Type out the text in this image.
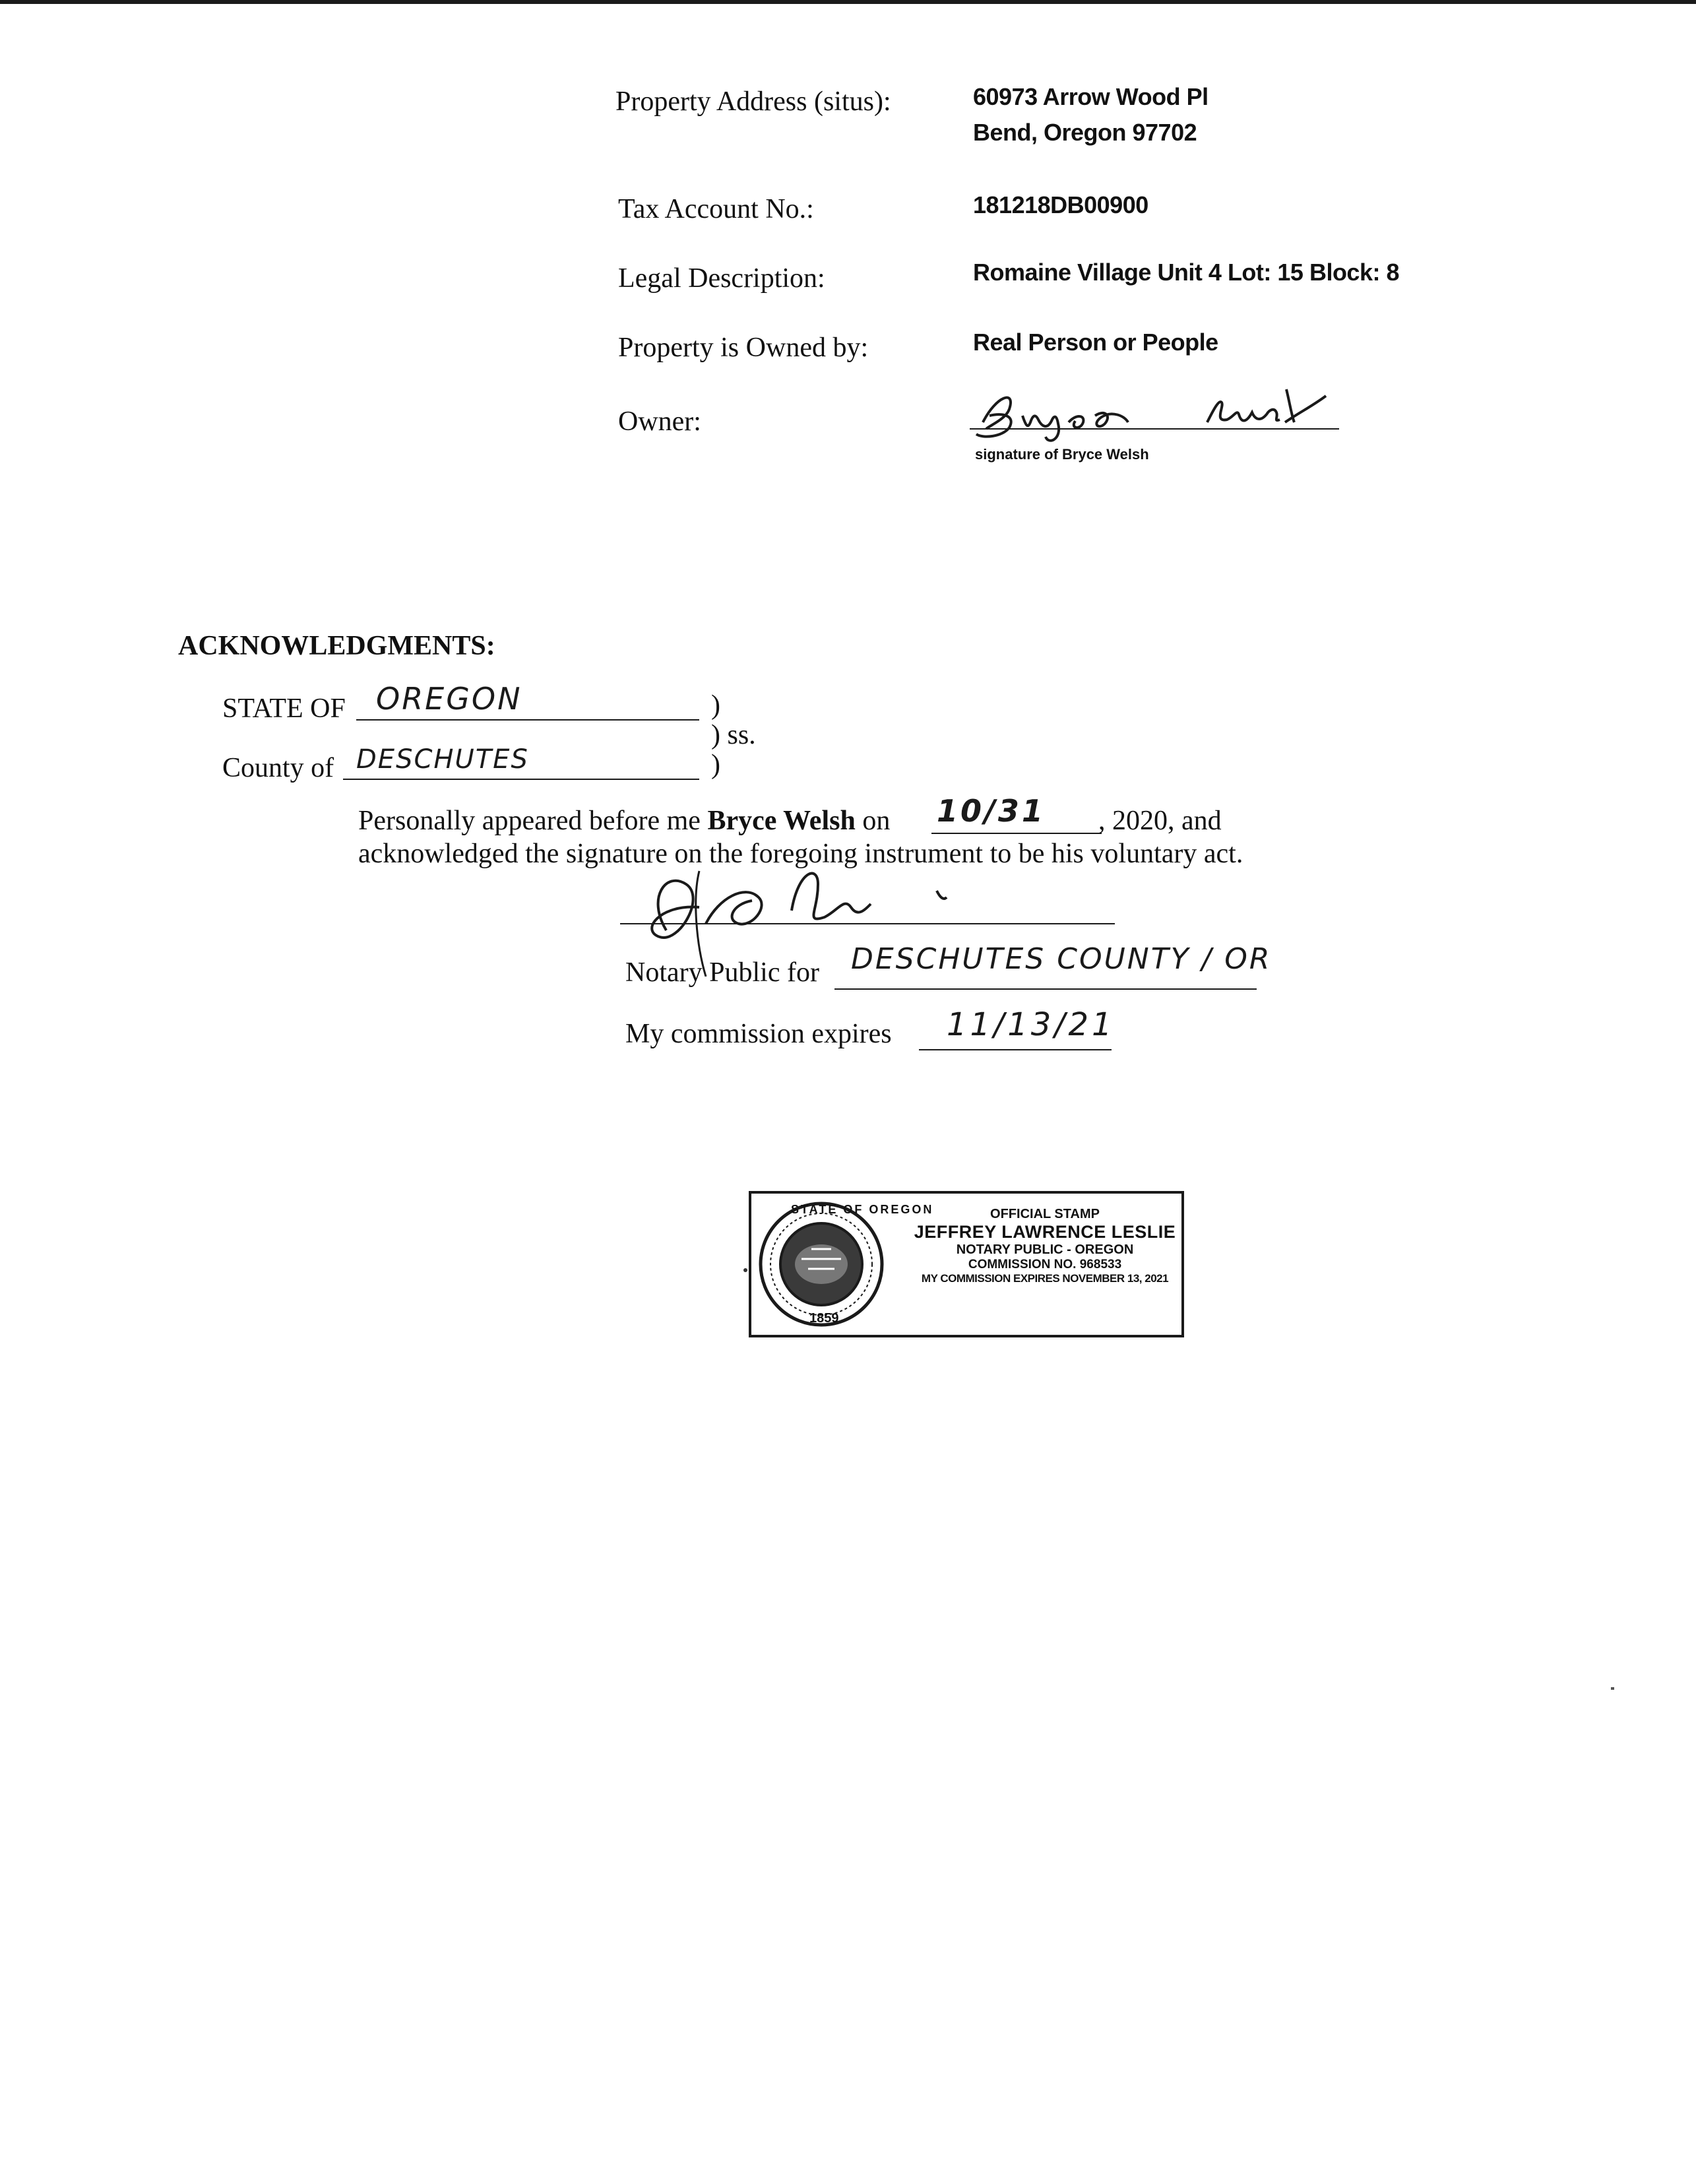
Property Address (situs):	60973 Arrow Wood Pl
Bend, Oregon 97702
Tax Account No.:	181218DB00900
Legal Description:	Romaine Village Unit 4 Lot: 15 Block: 8
Property is Owned by:	Real Person or People
Owner:
signature of Bryce Welsh
ACKNOWLEDGMENTS:
STATE OF OREGON	)
) ss.
County of DESCHUTES	)
Personally appeared before me Bryce Welsh on 10/31 , 2020, and
acknowledged the signature on the foregoing instrument to be his voluntary act.
Notary Public for DESCHUTES COUNTY / OR
My commission expires 11/13/21
STATE OF OREGON
1859
OFFICIAL STAMP
JEFFREY LAWRENCE LESLIE
NOTARY PUBLIC - OREGON
COMMISSION NO. 968533
MY COMMISSION EXPIRES NOVEMBER 13, 2021
